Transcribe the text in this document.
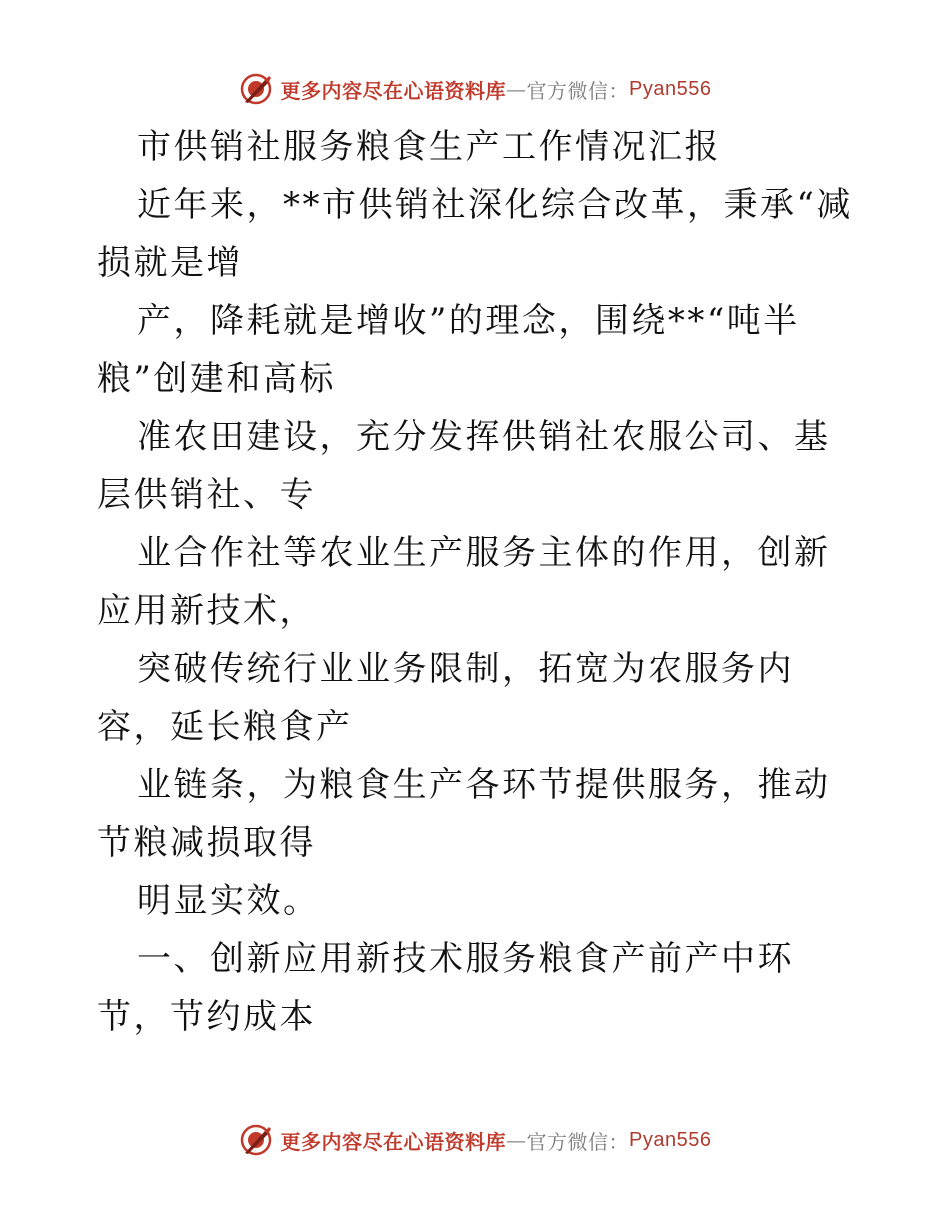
更多内容尽在心语资料库 — 官方微信： Pyan556

市供销社服务粮食生产工作情况汇报

近年来，**市供销社深化综合改革，秉承“减损就是增

产，降耗就是增收”的理念，围绕**“吨半
粮”创建和高标

准农田建设，充分发挥供销社农服公司、基层供销社、专

业合作社等农业生产服务主体的作用，创新应用新技术，

突破传统行业业务限制，拓宽为农服务内容，延长粮食产

业链条，为粮食生产各环节提供服务，推动节粮减损取得

明显实效。

一、创新应用新技术服务粮食产前产中环节，节约成本

更多内容尽在心语资料库 — 官方微信： Pyan556
